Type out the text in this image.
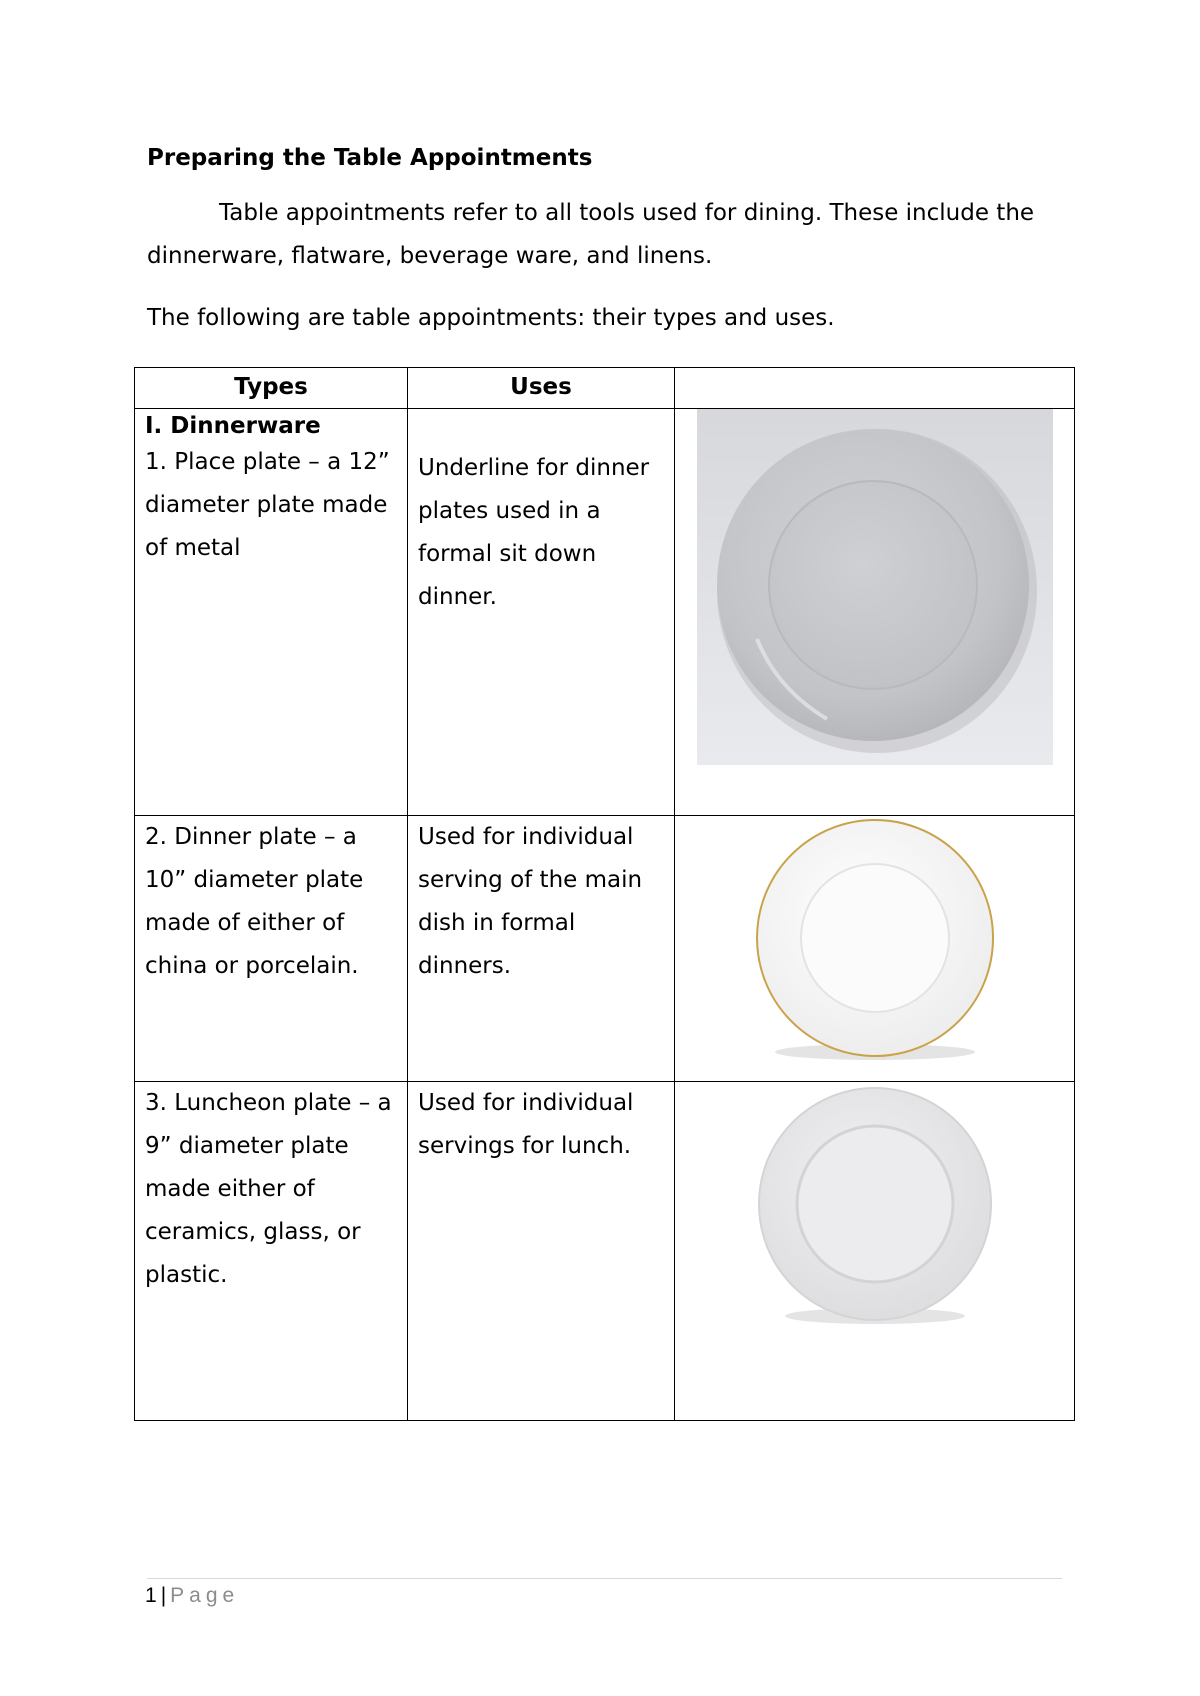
Preparing the Table Appointments
Table appointments refer to all tools used for dining. These include the dinnerware, flatware, beverage ware, and linens.
The following are table appointments: their types and uses.
Types	Uses	

I. Dinnerware
1. Place plate – a 12” diameter plate made of metal	Underline for dinner plates used in a formal sit down dinner.	
2. Dinner plate – a 10” diameter plate made of either of china or porcelain.	Used for individual serving of the main dish in formal dinners.	
3. Luncheon plate – a 9” diameter plate made either of ceramics, glass, or plastic.	Used for individual servings for lunch.	
1 | Page
